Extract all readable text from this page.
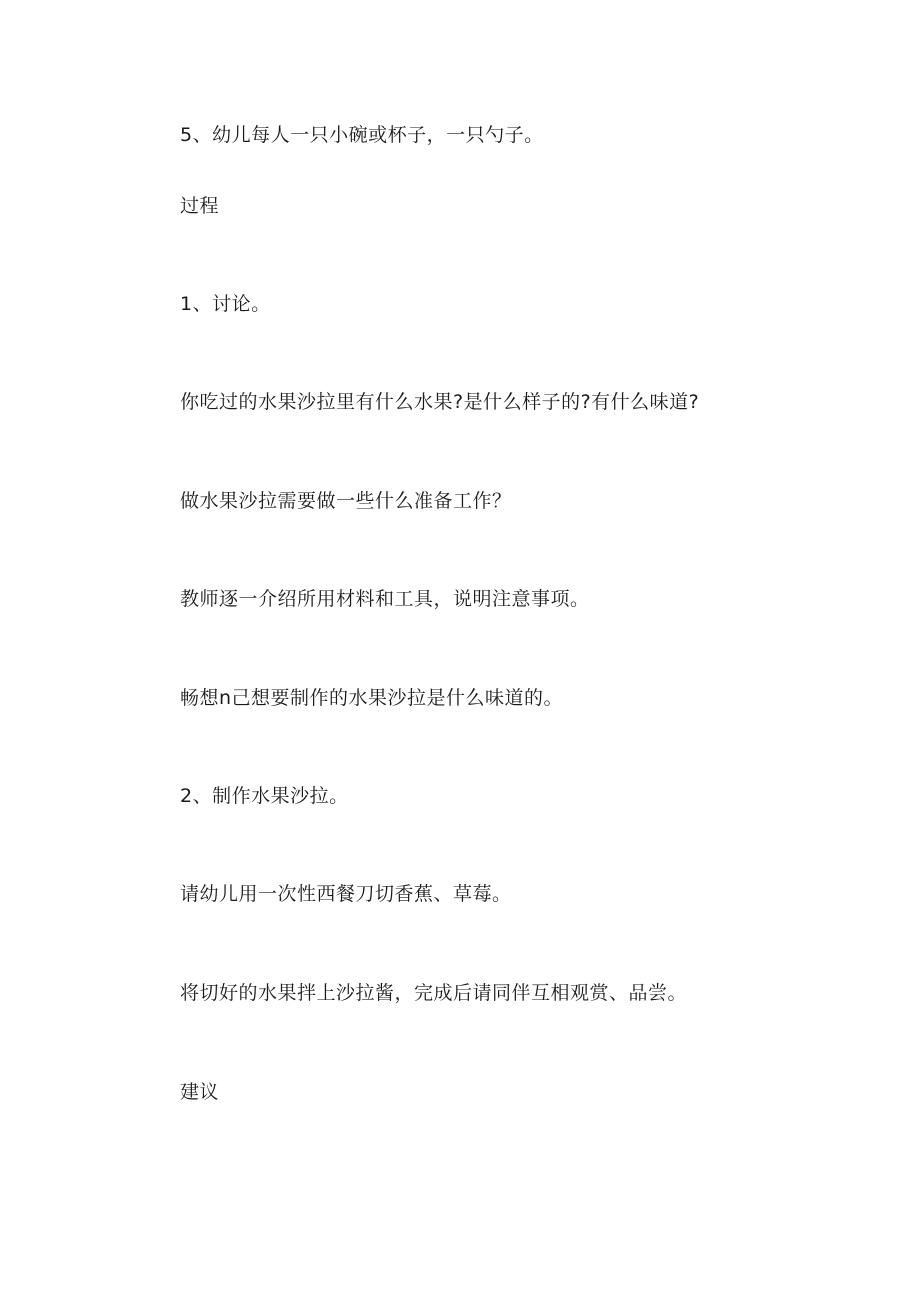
5、幼儿每人一只小碗或杯子，一只勺子。
过程
1、讨论。
你吃过的水果沙拉里有什么水果?是什么样子的?有什么味道?
做水果沙拉需要做一些什么准备工作？
教师逐一介绍所用材料和工具，说明注意事项。
畅想n己想要制作的水果沙拉是什么味道的。
2、制作水果沙拉。
请幼儿用一次性西餐刀切香蕉、草莓。
将切好的水果拌上沙拉酱，完成后请同伴互相观赏、品尝。
建议
